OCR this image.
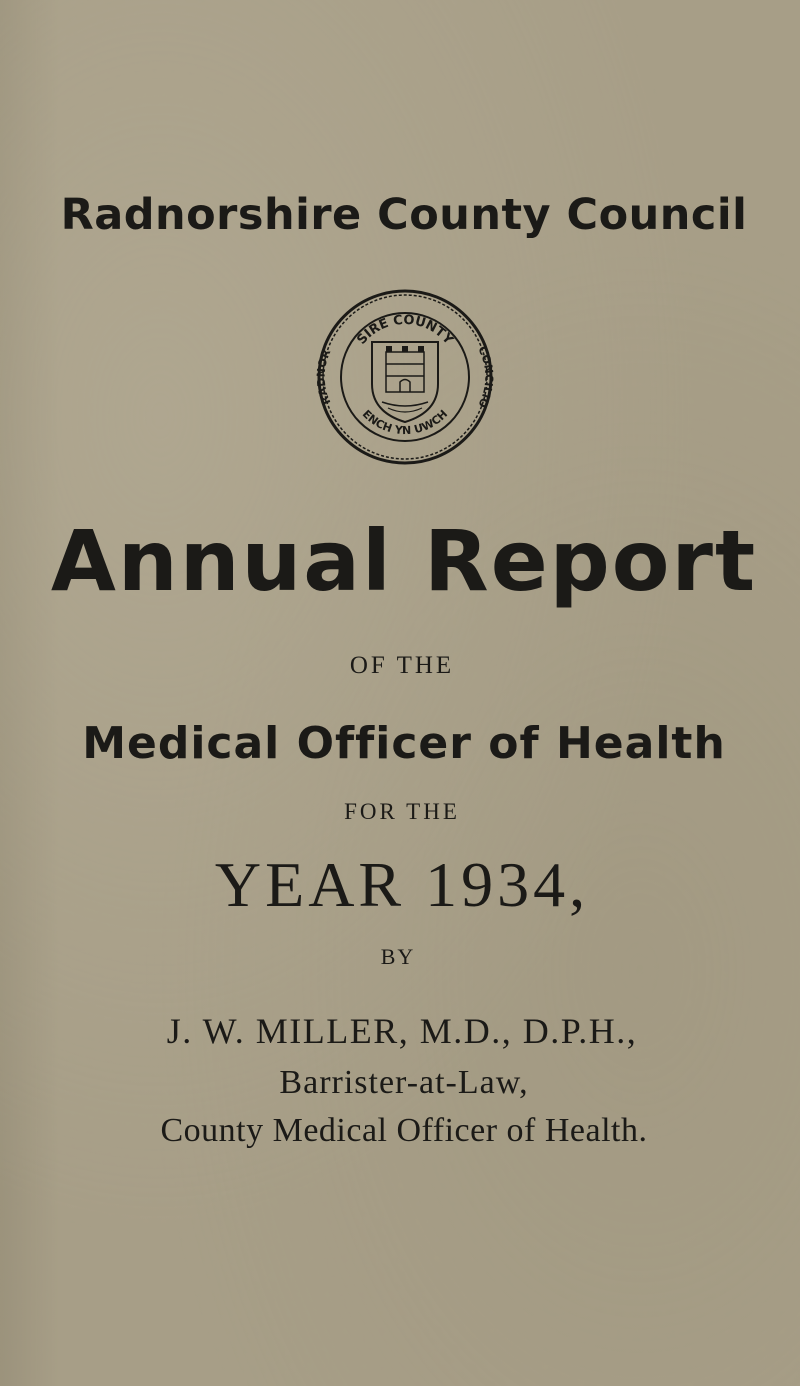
Radnorshire County Council
SIRE COUNTY
RADNOR	CONCILIO
ENCH YN UWCH
Annual Report
OF THE
Medical Officer of Health
FOR THE
YEAR 1934,
BY
J. W. MILLER, M.D., D.P.H.,
Barrister-at-Law,
County Medical Officer of Health.
